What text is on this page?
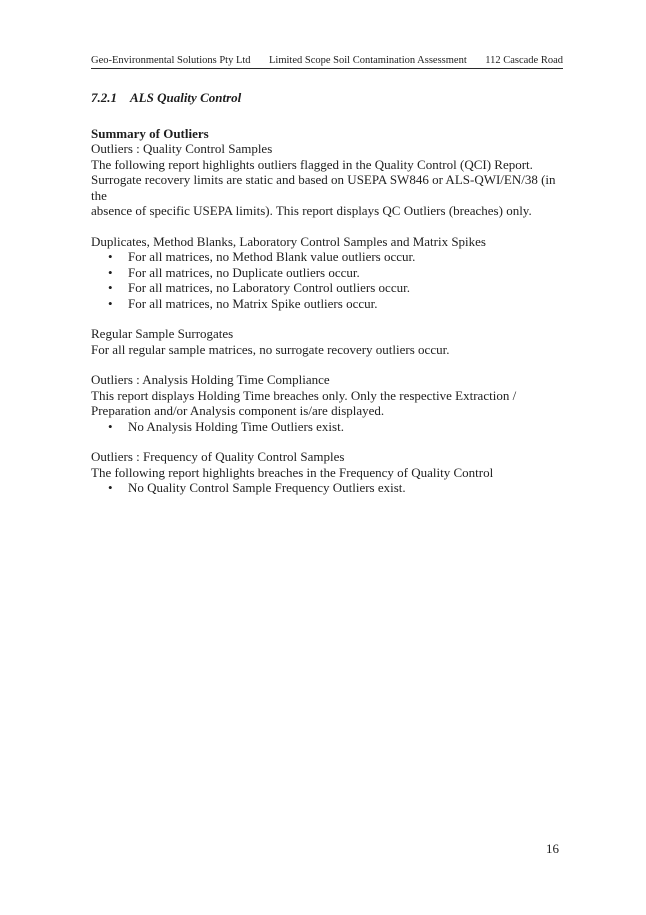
Geo-Environmental Solutions Pty Ltd Limited Scope Soil Contamination Assessment 112 Cascade Road
7.2.1 ALS Quality Control

Summary of Outliers

Outliers : Quality Control Samples

The following report highlights outliers flagged in the Quality Control (QCI) Report.

Surrogate recovery limits are static and based on USEPA SW846 or ALS-QWI/EN/38 (in the

absence of specific USEPA limits). This report displays QC Outliers (breaches) only.

Duplicates, Method Blanks, Laboratory Control Samples and Matrix Spikes

• For all matrices, no Method Blank value outliers occur.
• For all matrices, no Duplicate outliers occur.
• For all matrices, no Laboratory Control outliers occur.
• For all matrices, no Matrix Spike outliers occur.

Regular Sample Surrogates

For all regular sample matrices, no surrogate recovery outliers occur.

Outliers : Analysis Holding Time Compliance

This report displays Holding Time breaches only. Only the respective Extraction /

Preparation and/or Analysis component is/are displayed.

• No Analysis Holding Time Outliers exist.

Outliers : Frequency of Quality Control Samples

The following report highlights breaches in the Frequency of Quality Control

• No Quality Control Sample Frequency Outliers exist.
16
